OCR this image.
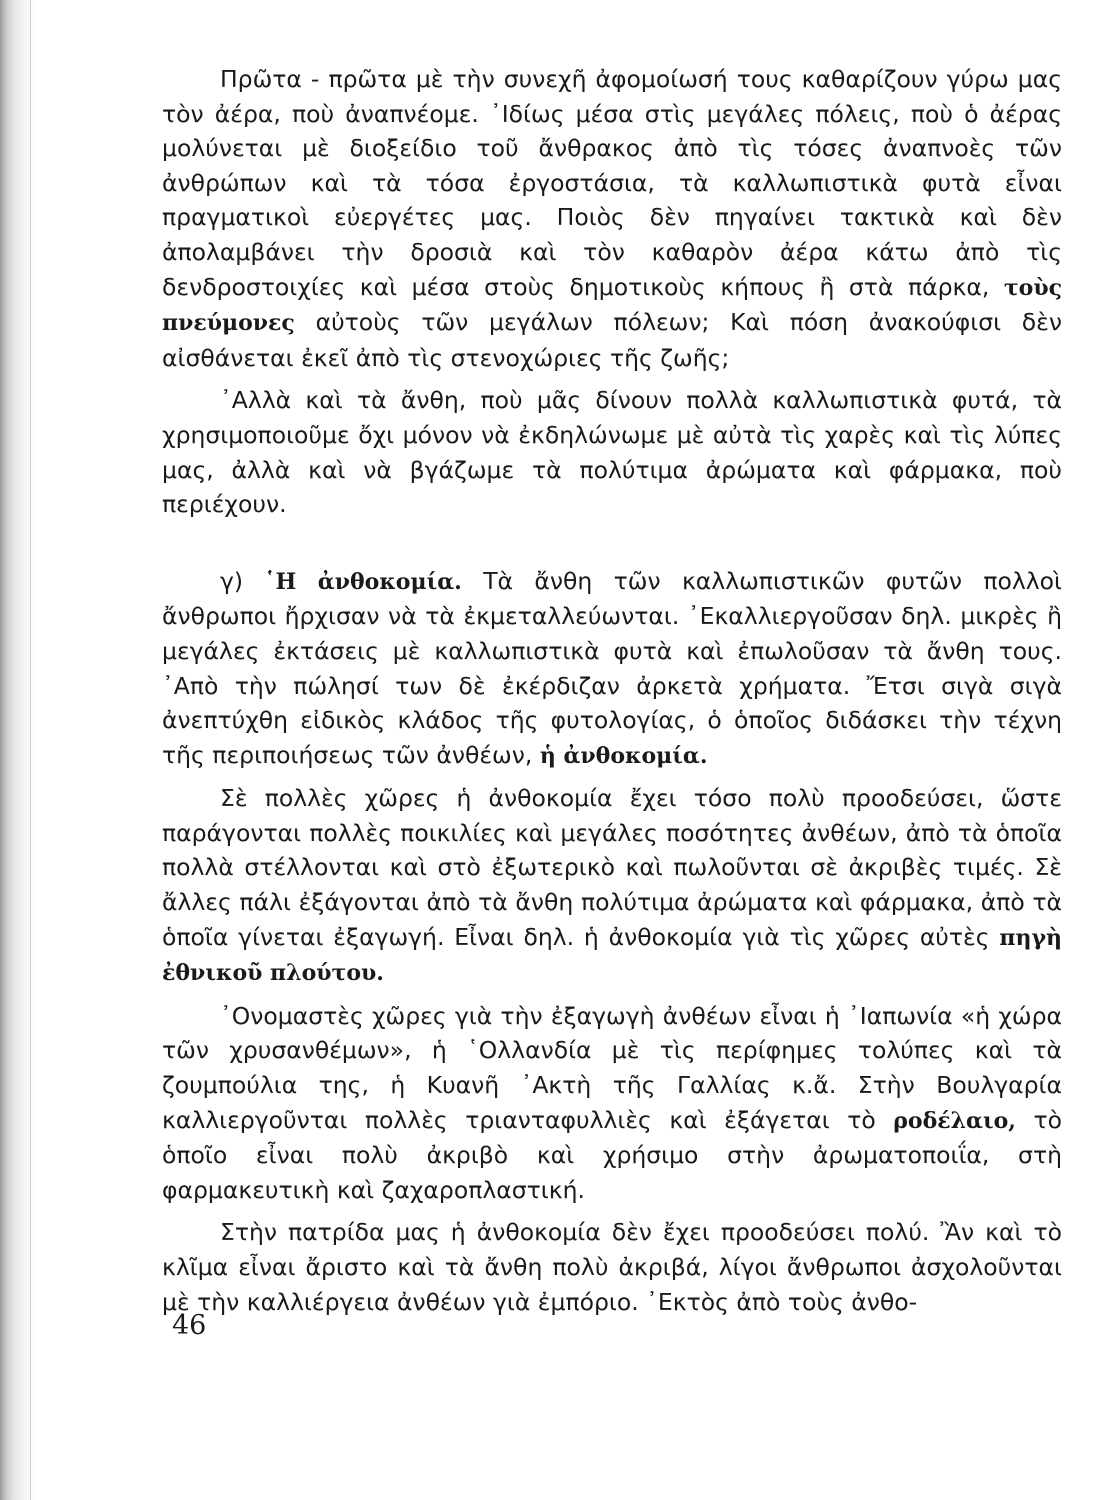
Πρῶτα - πρῶτα μὲ τὴν συνεχῆ ἀφομοίωσή τους καθαρίζουν γύρω μας τὸν ἀέρα, ποὺ ἀναπνέομε. ᾿Ιδίως μέσα στὶς μεγάλες πόλεις, ποὺ ὁ ἀέρας μολύνεται μὲ διοξείδιο τοῦ ἄνθρακος ἀπὸ τὶς τόσες ἀναπνοὲς τῶν ἀνθρώπων καὶ τὰ τόσα ἐργοστάσια, τὰ καλλωπιστικὰ φυτὰ εἶναι πραγματικοὶ εὐεργέτες μας. Ποιὸς δὲν πηγαίνει τακτικὰ καὶ δὲν ἀπολαμβάνει τὴν δροσιὰ καὶ τὸν καθαρὸν ἀέρα κάτω ἀπὸ τὶς δενδροστοιχίες καὶ μέσα στοὺς δημοτικοὺς κήπους ἢ στὰ πάρκα, τοὺς πνεύμονες αὐτοὺς τῶν μεγάλων πόλεων; Καὶ πόση ἀνακούφισι δὲν αἰσθάνεται ἐκεῖ ἀπὸ τὶς στενοχώριες τῆς ζωῆς;

᾿Αλλὰ καὶ τὰ ἄνθη, ποὺ μᾶς δίνουν πολλὰ καλλωπιστικὰ φυτά, τὰ χρησιμοποιοῦμε ὄχι μόνον νὰ ἐκδηλώνωμε μὲ αὐτὰ τὶς χαρὲς καὶ τὶς λύπες μας, ἀλλὰ καὶ νὰ βγάζωμε τὰ πολύτιμα ἀρώματα καὶ φάρμακα, ποὺ περιέχουν.

γ) ῾Η ἀνθοκομία. Τὰ ἄνθη τῶν καλλωπιστικῶν φυτῶν πολλοὶ ἄνθρωποι ἤρχισαν νὰ τὰ ἐκμεταλλεύωνται. ᾿Εκαλλιεργοῦσαν δηλ. μικρὲς ἢ μεγάλες ἐκτάσεις μὲ καλλωπιστικὰ φυτὰ καὶ ἐπωλοῦσαν τὰ ἄνθη τους. ᾿Απὸ τὴν πώλησί των δὲ ἐκέρδιζαν ἀρκετὰ χρήματα. Ἔτσι σιγὰ σιγὰ ἀνεπτύχθη εἰδικὸς κλάδος τῆς φυτολογίας, ὁ ὁποῖος διδάσκει τὴν τέχνη τῆς περιποιήσεως τῶν ἀνθέων, ἡ ἀνθοκομία.

Σὲ πολλὲς χῶρες ἡ ἀνθοκομία ἔχει τόσο πολὺ προοδεύσει, ὥστε παράγονται πολλὲς ποικιλίες καὶ μεγάλες ποσότητες ἀνθέων, ἀπὸ τὰ ὁποῖα πολλὰ στέλλονται καὶ στὸ ἐξωτερικὸ καὶ πωλοῦνται σὲ ἀκριβὲς τιμές. Σὲ ἄλλες πάλι ἐξάγονται ἀπὸ τὰ ἄνθη πολύτιμα ἀρώματα καὶ φάρμακα, ἀπὸ τὰ ὁποῖα γίνεται ἐξαγωγή. Εἶναι δηλ. ἡ ἀνθοκομία γιὰ τὶς χῶρες αὐτὲς πηγὴ ἐθνικοῦ πλούτου.

᾿Ονομαστὲς χῶρες γιὰ τὴν ἐξαγωγὴ ἀνθέων εἶναι ἡ ᾿Ιαπωνία «ἡ χώρα τῶν χρυσανθέμων», ἡ ῾Ολλανδία μὲ τὶς περίφημες τολύπες καὶ τὰ ζουμπούλια της, ἡ Κυανῆ ᾿Ακτὴ τῆς Γαλλίας κ.ἄ. Στὴν Βουλγαρία καλλιεργοῦνται πολλὲς τριανταφυλλιὲς καὶ ἐξάγεται τὸ ροδέλαιο, τὸ ὁποῖο εἶναι πολὺ ἀκριβὸ καὶ χρήσιμο στὴν ἀρωματοποιΐα, στὴ φαρμακευτικὴ καὶ ζαχαροπλαστική.

Στὴν πατρίδα μας ἡ ἀνθοκομία δὲν ἔχει προοδεύσει πολύ. Ἂν καὶ τὸ κλῖμα εἶναι ἄριστο καὶ τὰ ἄνθη πολὺ ἀκριβά, λίγοι ἄνθρωποι ἀσχολοῦνται μὲ τὴν καλλιέργεια ἀνθέων γιὰ ἐμπόριο. ᾿Εκτὸς ἀπὸ τοὺς ἀνθο-

46
